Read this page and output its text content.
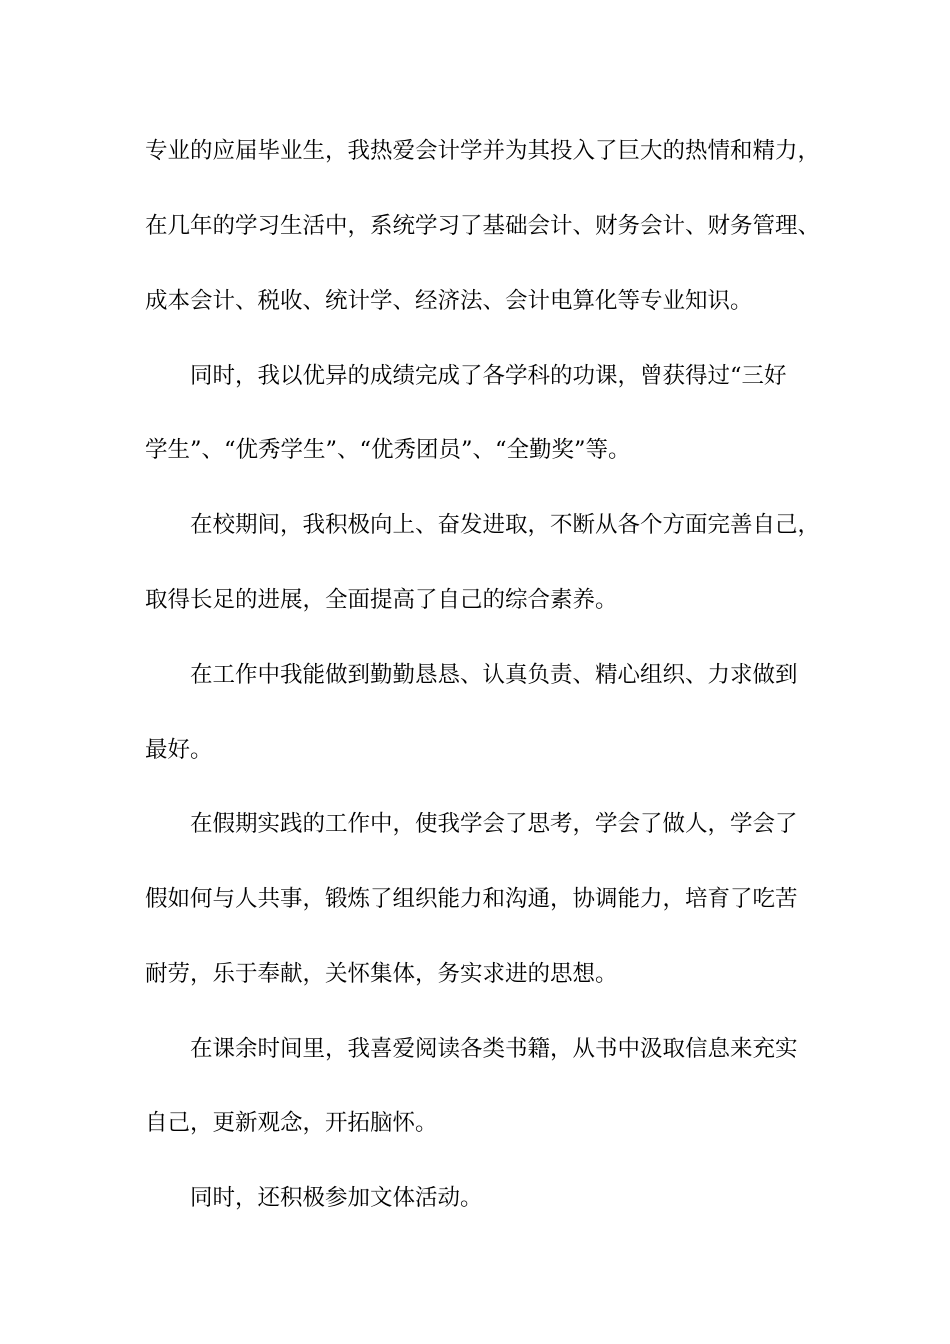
专业的应届毕业生，我热爱会计学并为其投入了巨大的热情和精力，
在几年的学习生活中，系统学习了基础会计、财务会计、财务管理、
成本会计、税收、统计学、经济法、会计电算化等专业知识。
同时，我以优异的成绩完成了各学科的功课，曾获得过“三好
学生”、“优秀学生”、“优秀团员”、“全勤奖”等。
在校期间，我积极向上、奋发进取，不断从各个方面完善自己，
取得长足的进展，全面提高了自己的综合素养。
在工作中我能做到勤勤恳恳、认真负责、精心组织、力求做到
最好。
在假期实践的工作中，使我学会了思考，学会了做人，学会了
假如何与人共事，锻炼了组织能力和沟通，协调能力，培育了吃苦
耐劳，乐于奉献，关怀集体，务实求进的思想。
在课余时间里，我喜爱阅读各类书籍，从书中汲取信息来充实
自己，更新观念，开拓脑怀。
同时，还积极参加文体活动。
